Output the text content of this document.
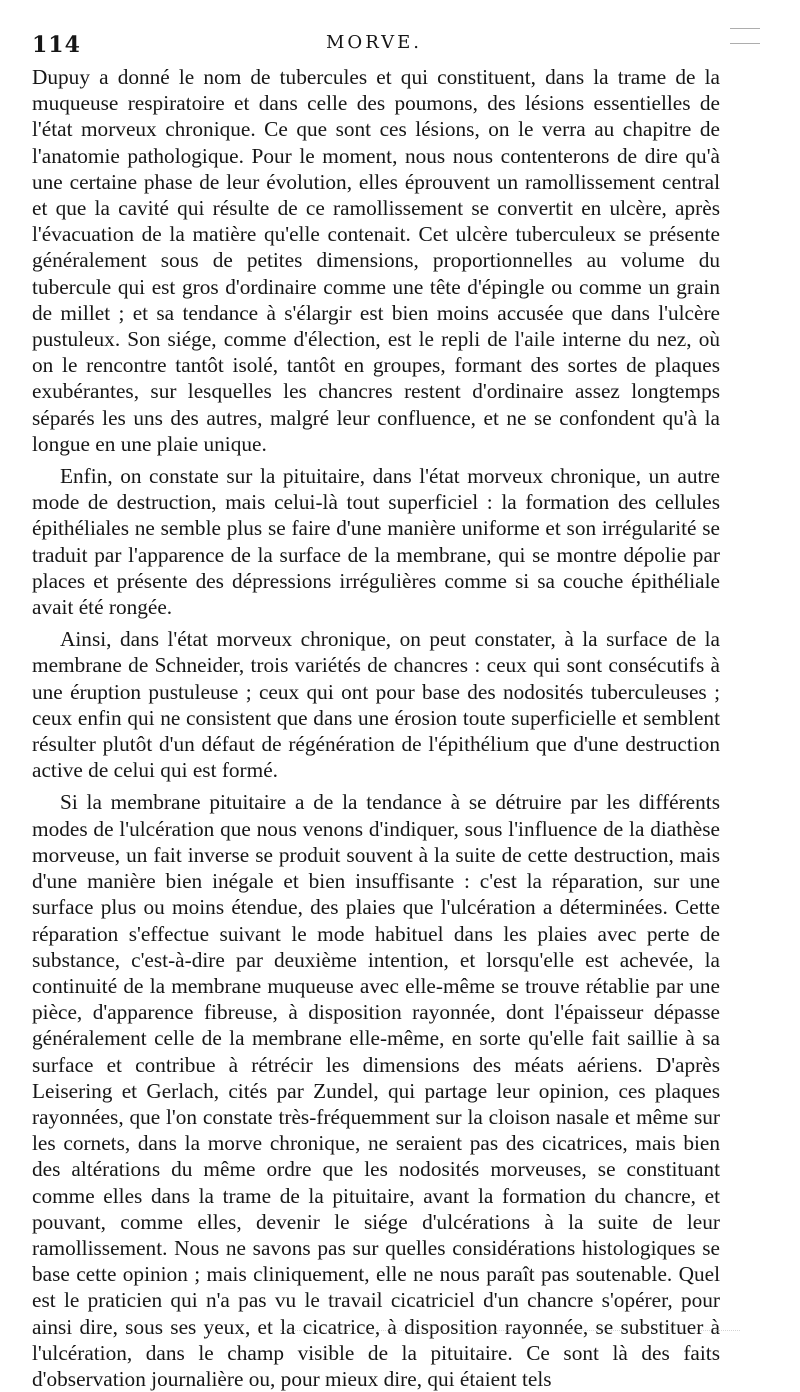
114	MORVE.

Dupuy a donné le nom de tubercules et qui constituent, dans la trame de la muqueuse respiratoire et dans celle des poumons, des lésions essentielles de l'état morveux chronique. Ce que sont ces lésions, on le verra au chapitre de l'anatomie pathologique. Pour le moment, nous nous contenterons de dire qu'à une certaine phase de leur évolution, elles éprouvent un ramollissement central et que la cavité qui résulte de ce ramollissement se convertit en ulcère, après l'évacuation de la matière qu'elle contenait. Cet ulcère tuberculeux se présente généralement sous de petites dimensions, proportionnelles au volume du tubercule qui est gros d'ordinaire comme une tête d'épingle ou comme un grain de millet ; et sa tendance à s'élargir est bien moins accusée que dans l'ulcère pustuleux. Son siége, comme d'élection, est le repli de l'aile interne du nez, où on le rencontre tantôt isolé, tantôt en groupes, formant des sortes de plaques exubérantes, sur lesquelles les chancres restent d'ordinaire assez longtemps séparés les uns des autres, malgré leur confluence, et ne se confondent qu'à la longue en une plaie unique.

Enfin, on constate sur la pituitaire, dans l'état morveux chronique, un autre mode de destruction, mais celui-là tout superficiel : la formation des cellules épithéliales ne semble plus se faire d'une manière uniforme et son irrégularité se traduit par l'apparence de la surface de la membrane, qui se montre dépolie par places et présente des dépressions irrégulières comme si sa couche épithéliale avait été rongée.

Ainsi, dans l'état morveux chronique, on peut constater, à la surface de la membrane de Schneider, trois variétés de chancres : ceux qui sont consécutifs à une éruption pustuleuse ; ceux qui ont pour base des nodosités tuberculeuses ; ceux enfin qui ne consistent que dans une érosion toute superficielle et semblent résulter plutôt d'un défaut de régénération de l'épithélium que d'une destruction active de celui qui est formé.

Si la membrane pituitaire a de la tendance à se détruire par les différents modes de l'ulcération que nous venons d'indiquer, sous l'influence de la diathèse morveuse, un fait inverse se produit souvent à la suite de cette destruction, mais d'une manière bien inégale et bien insuffisante : c'est la réparation, sur une surface plus ou moins étendue, des plaies que l'ulcération a déterminées. Cette réparation s'effectue suivant le mode habituel dans les plaies avec perte de substance, c'est-à-dire par deuxième intention, et lorsqu'elle est achevée, la continuité de la membrane muqueuse avec elle-même se trouve rétablie par une pièce, d'apparence fibreuse, à disposition rayonnée, dont l'épaisseur dépasse généralement celle de la membrane elle-même, en sorte qu'elle fait saillie à sa surface et contribue à rétrécir les dimensions des méats aériens. D'après Leisering et Gerlach, cités par Zundel, qui partage leur opinion, ces plaques rayonnées, que l'on constate très-fréquemment sur la cloison nasale et même sur les cornets, dans la morve chronique, ne seraient pas des cicatrices, mais bien des altérations du même ordre que les nodosités morveuses, se constituant comme elles dans la trame de la pituitaire, avant la formation du chancre, et pouvant, comme elles, devenir le siége d'ulcérations à la suite de leur ramollissement. Nous ne savons pas sur quelles considérations histologiques se base cette opinion ; mais cliniquement, elle ne nous paraît pas soutenable. Quel est le praticien qui n'a pas vu le travail cicatriciel d'un chancre s'opérer, pour ainsi dire, sous ses yeux, et la cicatrice, à disposition rayonnée, se substituer à l'ulcération, dans le champ visible de la pituitaire. Ce sont là des faits d'observation journalière ou, pour mieux dire, qui étaient tels
